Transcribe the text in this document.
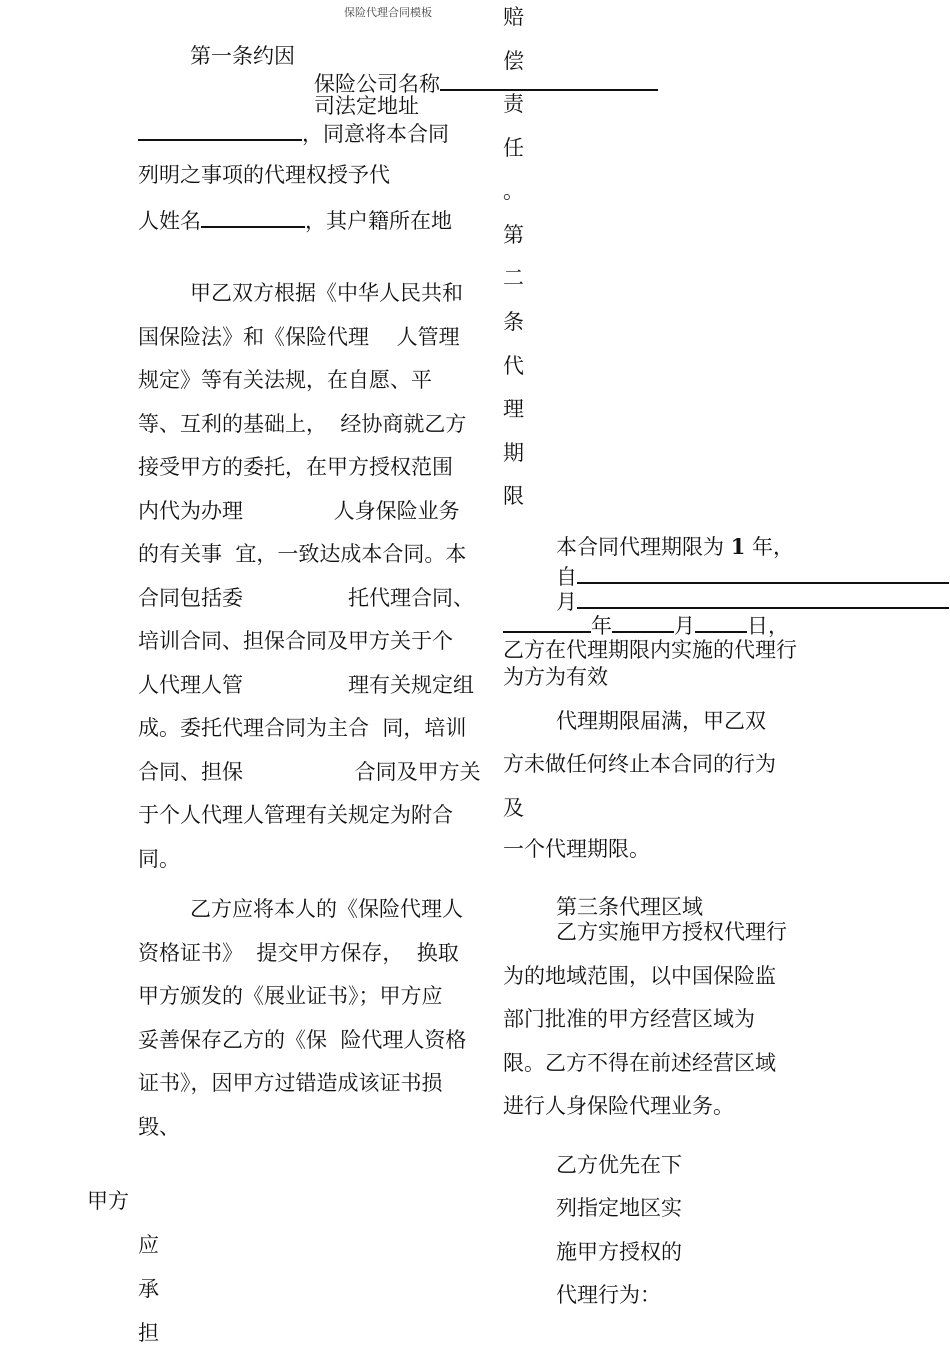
保险代理合同模板
第一条约因
保险公司名称
司法定地址
，同意将本合同
列明之事项的代理权授予代
人姓名	，其户籍所在地
甲乙双方根据《中华人民共和
国保险法》和《保险代理　 人管理
规定》等有关法规，在自愿、平
等、互利的基础上，  经协商就乙方
接受甲方的委托，在甲方授权范围
内代为办理　　　　 人身保险业务
的有关事  宜，一致达成本合同。本
合同包括委　　　　　托代理合同、
培训合同、担保合同及甲方关于个
人代理人管　　　　　理有关规定组
成。委托代理合同为主合  同，培训
合同、担保　　　　　 合同及甲方关
于个人代理人管理有关规定为附合
同。
乙方应将本人的《保险代理人
资格证书》  提交甲方保存，  换取
甲方颁发的《展业证书》；甲方应
妥善保存乙方的《保  险代理人资格
证书》，因甲方过错造成该证书损
毁、
甲方
应
承
担
赔
偿
责
任
。
第
二
条
代
理
期
限
本合同代理期限为 1 年，
自
月
年	月 日，
乙方在代理期限内实施的代理行
为方为有效
代理期限届满，甲乙双
方未做任何终止本合同的行为
及
一个代理期限。
第三条代理区域
乙方实施甲方授权代理行
为的地域范围，以中国保险监
部门批准的甲方经营区域为
限。乙方不得在前述经营区域
进行人身保险代理业务。
乙方优先在下
列指定地区实
施甲方授权的
代理行为：
